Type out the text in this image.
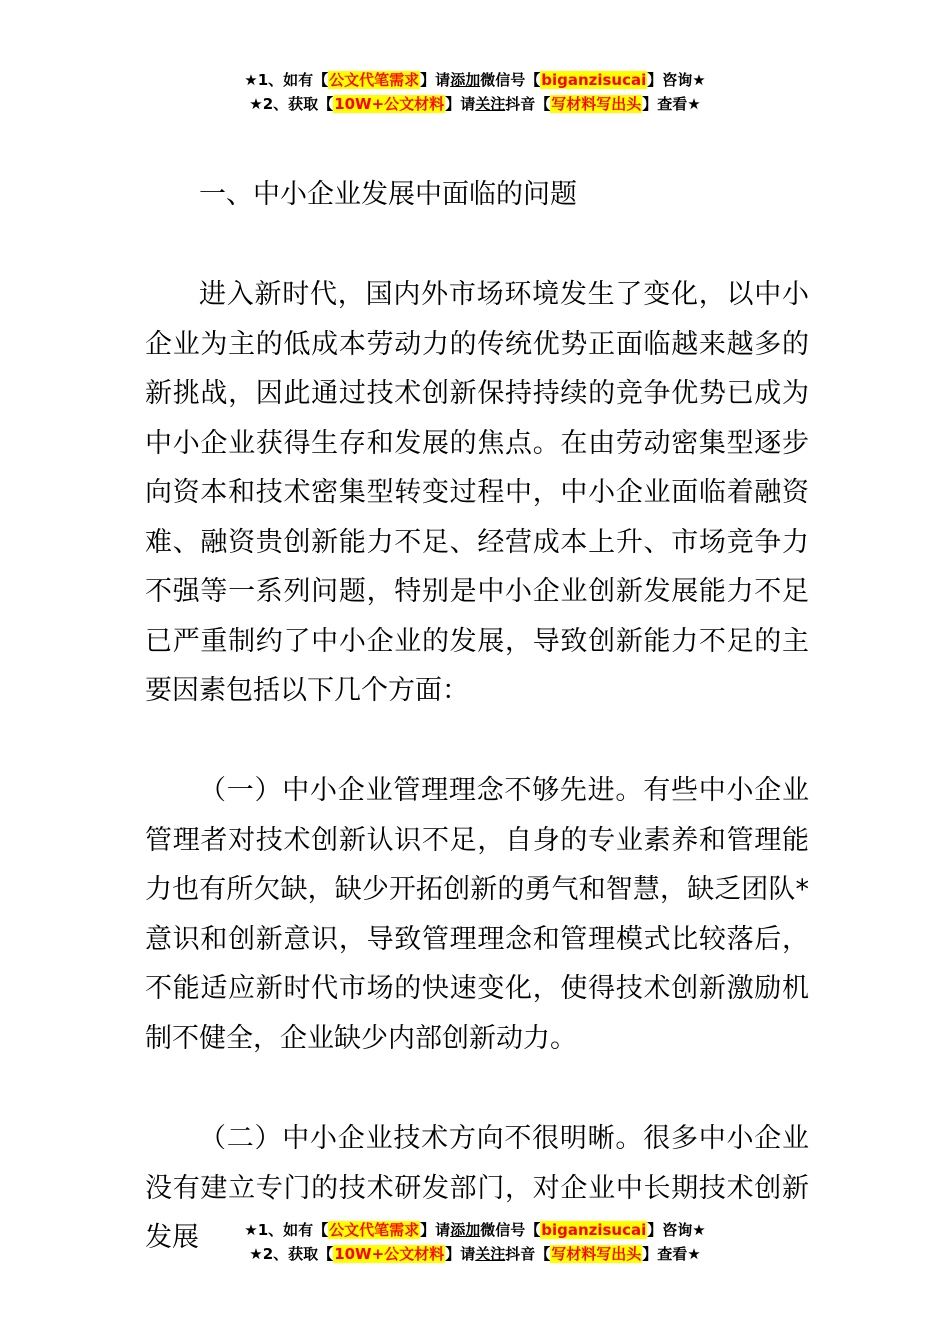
★1、如有【公文代笔需求】请添加微信号【biganzisucai】咨询★
★2、获取【10W+公文材料】请关注抖音【写材料写出头】查看★

一、中小企业发展中面临的问题

进入新时代，国内外市场环境发生了变化，以中小企业为主的低成本劳动力的传统优势正面临越来越多的新挑战，因此通过技术创新保持持续的竞争优势已成为中小企业获得生存和发展的焦点。在由劳动密集型逐步向资本和技术密集型转变过程中，中小企业面临着融资难、融资贵创新能力不足、经营成本上升、市场竞争力不强等一系列问题，特别是中小企业创新发展能力不足已严重制约了中小企业的发展，导致创新能力不足的主要因素包括以下几个方面：

（一）中小企业管理理念不够先进。有些中小企业管理者对技术创新认识不足，自身的专业素养和管理能力也有所欠缺，缺少开拓创新的勇气和智慧，缺乏团队*意识和创新意识，导致管理理念和管理模式比较落后，不能适应新时代市场的快速变化，使得技术创新激励机制不健全，企业缺少内部创新动力。

（二）中小企业技术方向不很明晰。很多中小企业没有建立专门的技术研发部门，对企业中长期技术创新发展	★1、如有【公文代笔需求】请添加微信号【biganzisucai】咨询★
★2、获取【10W+公文材料】请关注抖音【写材料写出头】查看★
